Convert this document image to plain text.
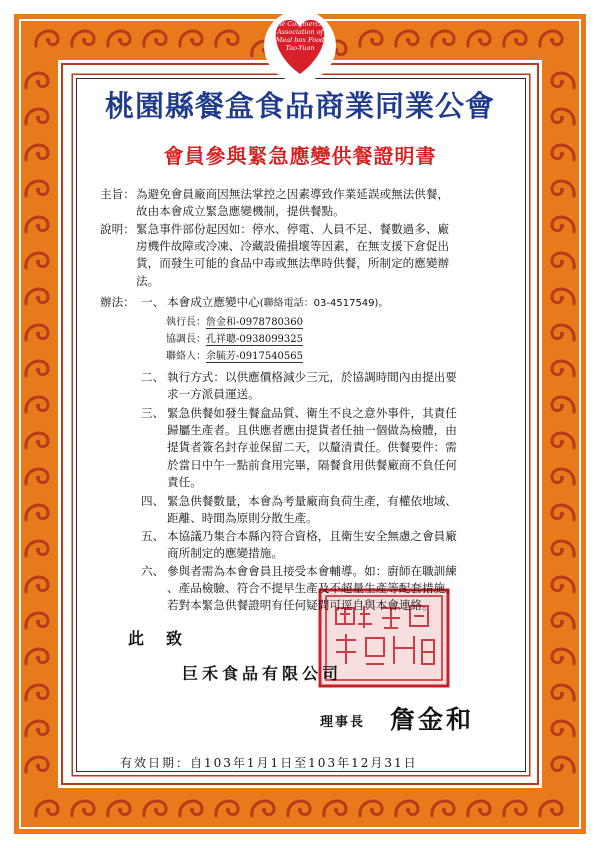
The Commercial
Association of
Meal box Food
Tao-Yuan
桃園縣餐盒食品商業同業公會
會員參與緊急應變供餐證明書
主旨： 為避免會員廠商因無法掌控之因素導致作業延誤或無法供餐，
故由本會成立緊急應變機制，提供餐點。
說明： 緊急事件部份起因如：停水、停電、人員不足、餐數過多、廠
房機件故障或冷凍、冷藏設備損壞等因素，在無支援下倉促出
貨，而發生可能的食品中毒或無法準時供餐，所制定的應變辦
法。
辦法： 一、 本會成立應變中心(聯絡電話：03-4517549)。
執行長：詹金和-0978780360
協調長：孔祥聰-0938099325
聯絡人：余毓芳-0917540565
二、 執行方式：以供應價格減少三元，於協調時間內由提出要
求一方派員運送。
三、 緊急供餐如發生餐盒品質、衛生不良之意外事件，其責任
歸屬生產者。且供應者應由提貨者任抽一個做為檢體，由
提貨者簽名封存並保留二天，以釐清責任。供餐要件：需
於當日中午一點前食用完畢，隔餐食用供餐廠商不負任何
責任。
四、 緊急供餐數量，本會為考量廠商負荷生產，有權依地域、
距離、時間為原則分散生產。
五、 本協議乃集合本縣內符合資格，且衛生安全無慮之會員廠
商所制定的應變措施。
六、 參與者需為本會會員且接受本會輔導。如：廚師在職訓練
、產品檢驗、符合不提早生產及不超量生產等配套措施。
若對本緊急供餐證明有任何疑問可逕自與本會連絡。
此致
巨禾食品有限公司
理事長 詹金和
有效日期：自103年1月1日至103年12月31日
